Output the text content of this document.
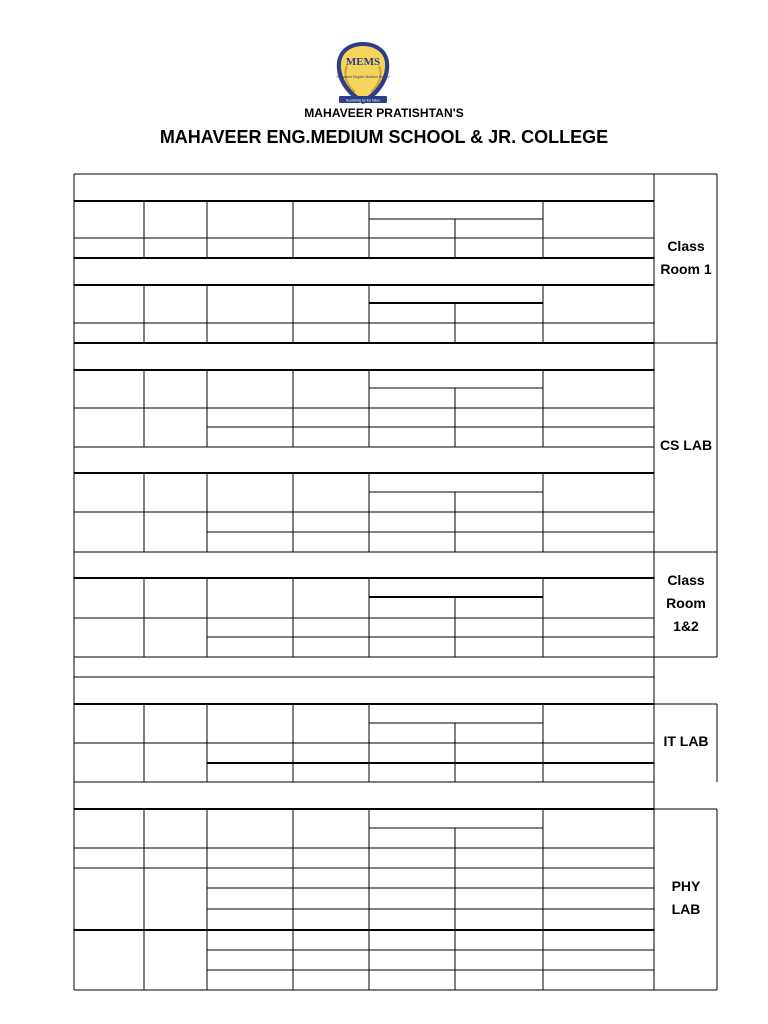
MEMS
Mahaveer English Medium School
Nourishing for the future
MAHAVEER PRATISHTAN'S
MAHAVEER ENG.MEDIUM SCHOOL & JR. COLLEGE
Class
Room 1
CS LAB
Class
Room
1&2
IT LAB
PHY
LAB
